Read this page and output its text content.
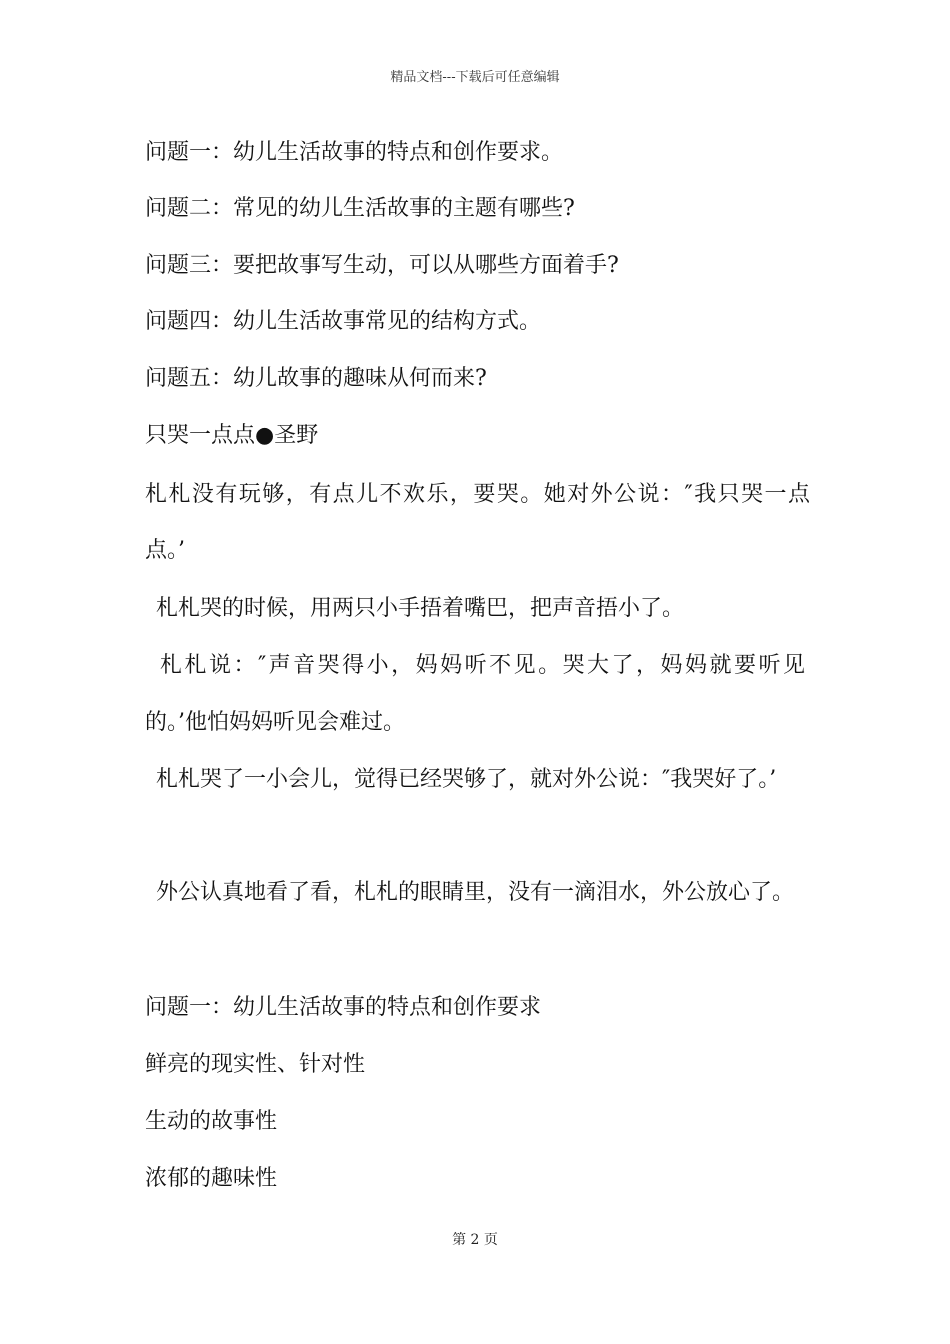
精品文档---下载后可任意编辑
问题一：幼儿生活故事的特点和创作要求。
问题二：常见的幼儿生活故事的主题有哪些?
问题三：要把故事写生动，可以从哪些方面着手?
问题四：幼儿生活故事常见的结构方式。
问题五：幼儿故事的趣味从何而来?
只哭一点点●圣野
札札没有玩够，有点儿不欢乐，要哭。她对外公说：″我只哭一点
点。’
札札哭的时候，用两只小手捂着嘴巴，把声音捂小了。
札札说：″声音哭得小，妈妈听不见。哭大了，妈妈就要听见
的。’他怕妈妈听见会难过。
札札哭了一小会儿，觉得已经哭够了，就对外公说：″我哭好了。’
外公认真地看了看，札札的眼睛里，没有一滴泪水，外公放心了。
问题一：幼儿生活故事的特点和创作要求
鲜亮的现实性、针对性
生动的故事性
浓郁的趣味性
第 2 页
